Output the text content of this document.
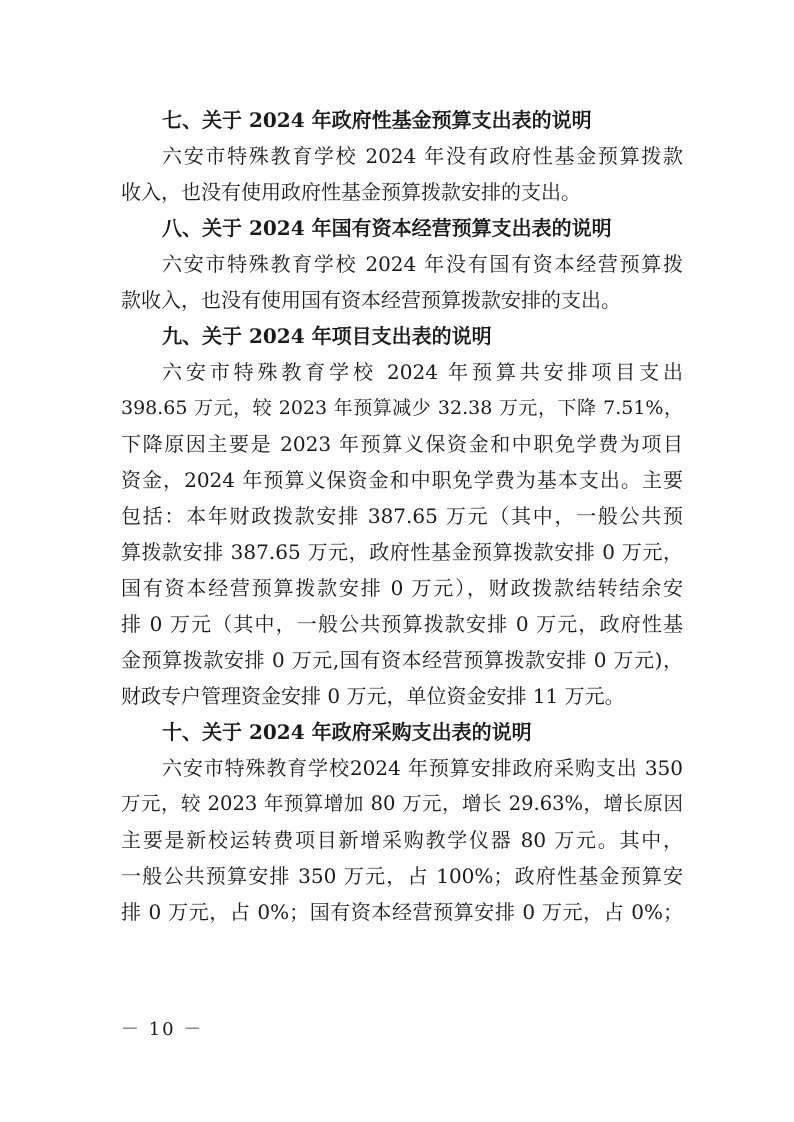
七、关于 2024 年政府性基金预算支出表的说明
六安市特殊教育学校 2024 年没有政府性基金预算拨款
收入，也没有使用政府性基金预算拨款安排的支出。
八、关于 2024 年国有资本经营预算支出表的说明
六安市特殊教育学校 2024 年没有国有资本经营预算拨
款收入，也没有使用国有资本经营预算拨款安排的支出。
九、关于 2024 年项目支出表的说明
六安市特殊教育学校 2024 年预算共安排项目支出
398.65 万元，较 2023 年预算减少 32.38 万元，下降 7.51%，
下降原因主要是 2023 年预算义保资金和中职免学费为项目
资金，2024 年预算义保资金和中职免学费为基本支出。主要
包括：本年财政拨款安排 387.65 万元（其中，一般公共预
算拨款安排 387.65 万元，政府性基金预算拨款安排 0 万元，
国有资本经营预算拨款安排 0 万元），财政拨款结转结余安
排 0 万元（其中，一般公共预算拨款安排 0 万元，政府性基
金预算拨款安排 0 万元,国有资本经营预算拨款安排 0 万元)，
财政专户管理资金安排 0 万元，单位资金安排 11 万元。
十、关于 2024 年政府采购支出表的说明
六安市特殊教育学校2024 年预算安排政府采购支出 350
万元，较 2023 年预算增加 80 万元，增长 29.63%，增长原因
主要是新校运转费项目新增采购教学仪器 80 万元。其中，
一般公共预算安排 350 万元，占 100%；政府性基金预算安
排 0 万元，占 0%；国有资本经营预算安排 0 万元，占 0%；
－ 10 －
